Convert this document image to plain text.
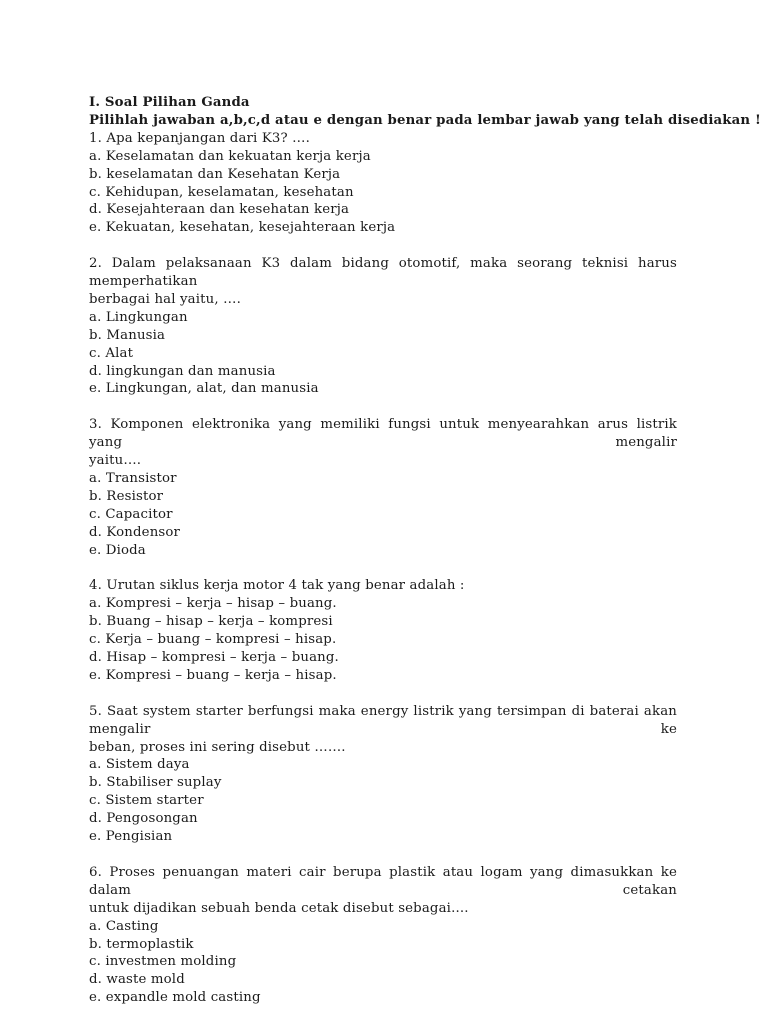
I. Soal Pilihan Ganda
Pilihlah jawaban a,b,c,d atau e dengan benar pada lembar jawab yang telah disediakan !
1. Apa kepanjangan dari K3? ….
a. Keselamatan dan kekuatan kerja kerja
b. keselamatan dan Kesehatan Kerja
c. Kehidupan, keselamatan, kesehatan
d. Kesejahteraan dan kesehatan kerja
e. Kekuatan, kesehatan, kesejahteraan kerja
2. Dalam pelaksanaan K3 dalam bidang otomotif, maka seorang teknisi harus memperhatikan
berbagai hal yaitu, ….
a. Lingkungan
b. Manusia
c. Alat
d. lingkungan dan manusia
e. Lingkungan, alat, dan manusia
3. Komponen elektronika yang memiliki fungsi untuk menyearahkan arus listrik yang mengalir
yaitu….
a. Transistor
b. Resistor
c. Capacitor
d. Kondensor
e. Dioda
4. Urutan siklus kerja motor 4 tak yang benar adalah :
a. Kompresi – kerja – hisap – buang.
b. Buang – hisap – kerja – kompresi
c. Kerja – buang – kompresi – hisap.
d. Hisap – kompresi – kerja – buang.
e. Kompresi – buang – kerja – hisap.
5. Saat system starter berfungsi maka energy listrik yang tersimpan di baterai akan mengalir ke
beban, proses ini sering disebut …….
a. Sistem daya
b. Stabiliser suplay
c. Sistem starter
d. Pengosongan
e. Pengisian
6. Proses penuangan materi cair berupa plastik atau logam yang dimasukkan ke dalam cetakan
untuk dijadikan sebuah benda cetak disebut sebagai....
a. Casting
b. termoplastik
c. investmen molding
d. waste mold
e. expandle mold casting
